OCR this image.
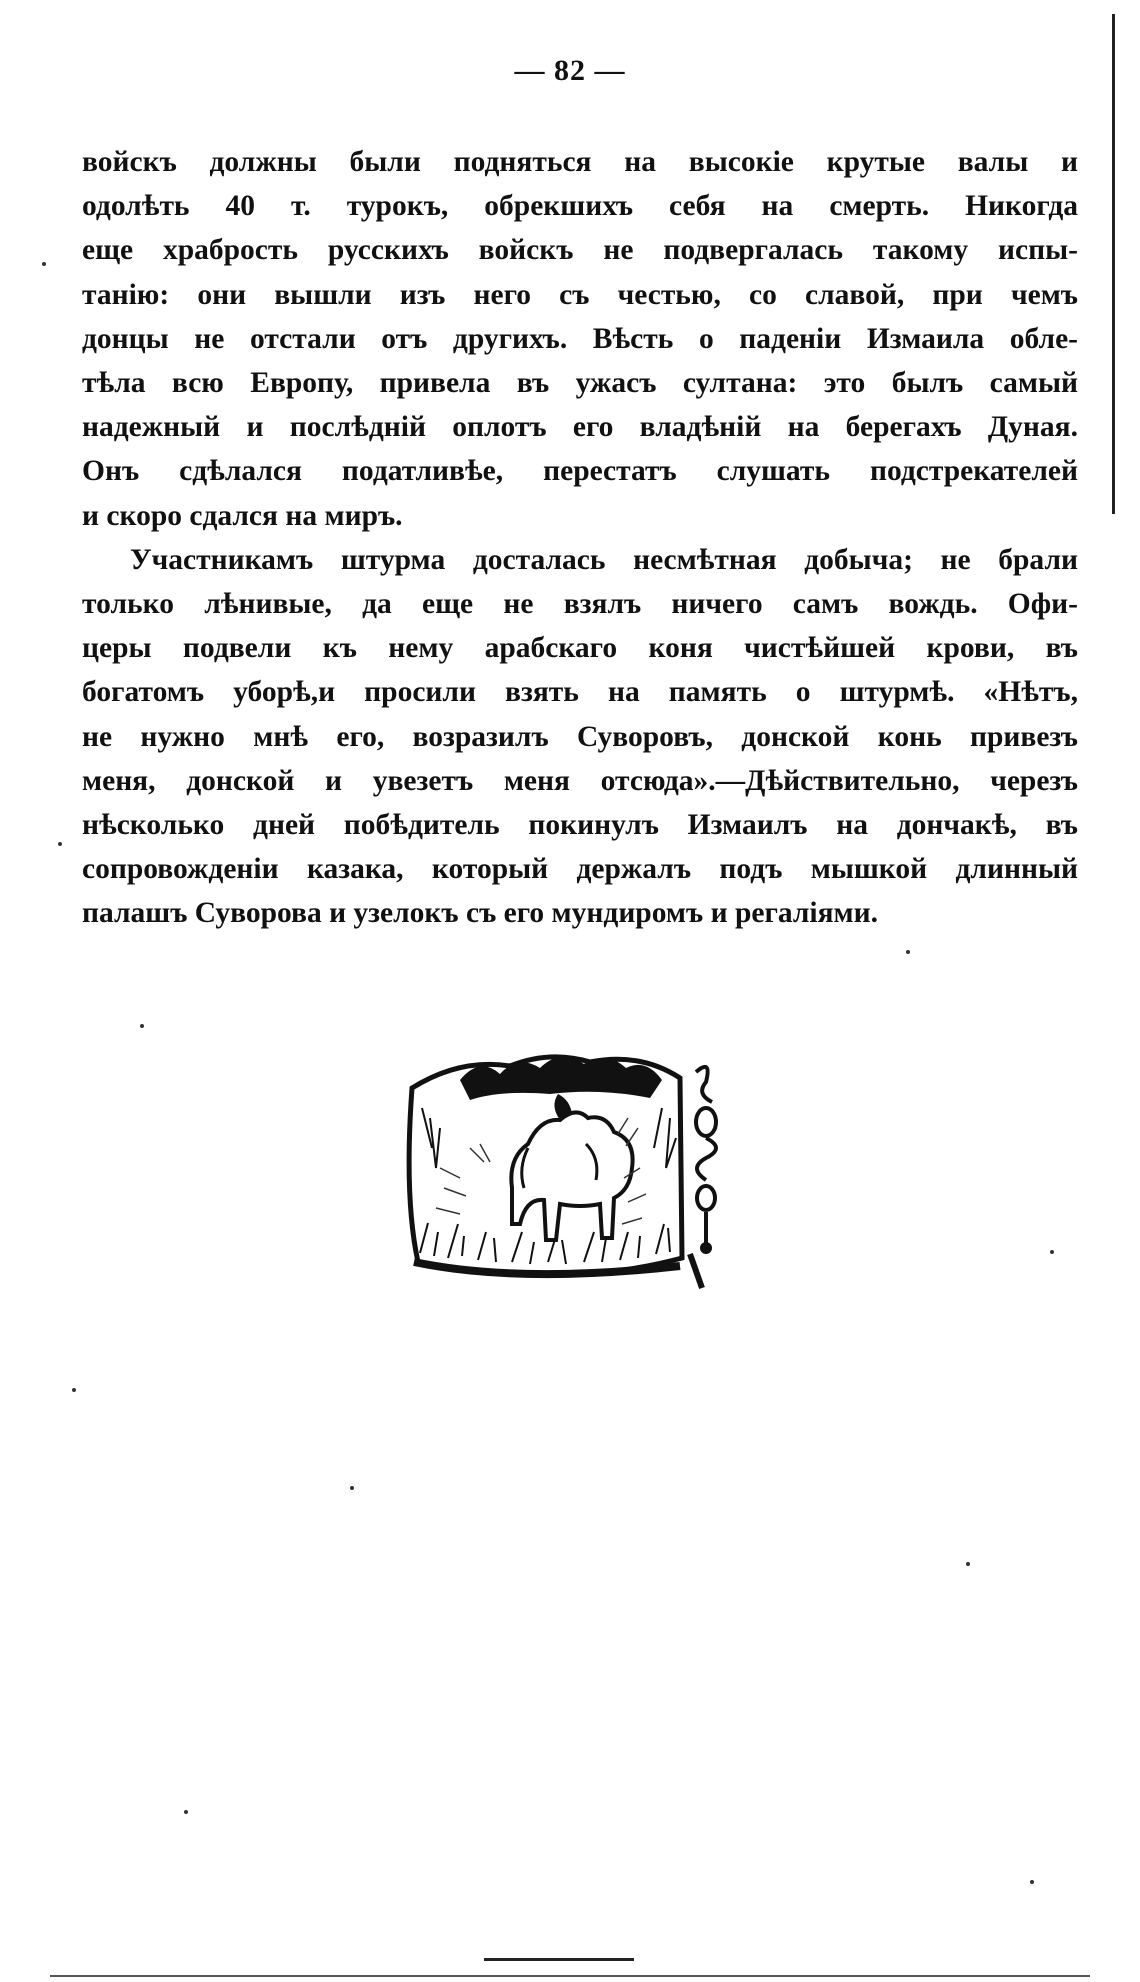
— 82 —

войскъ должны были подняться на высокіе крутые валы и
одолѣть 40 т. турокъ, обрекшихъ себя на смерть. Никогда
еще храбрость русскихъ войскъ не подвергалась такому испы-
танію: они вышли изъ него съ честью, со славой, при чемъ
донцы не отстали отъ другихъ. Вѣсть о паденіи Измаила обле-
тѣла всю Европу, привела въ ужасъ султана: это былъ самый
надежный и послѣдній оплотъ его владѣній на берегахъ Дуная.
Онъ сдѣлался податливѣе, перестатъ слушать подстрекателей
и скоро сдался на миръ.

Участникамъ штурма досталась несмѣтная добыча; не брали
только лѣнивые, да еще не взялъ ничего самъ вождь. Офи-
церы подвели къ нему арабскаго коня чистѣйшей крови, въ
богатомъ уборѣ,и просили взять на память о штурмѣ. «Нѣтъ,
не нужно мнѣ его, возразилъ Суворовъ, донской конь привезъ
меня, донской и увезетъ меня отсюда».—Дѣйствительно, черезъ
нѣсколько дней побѣдитель покинулъ Измаилъ на дончакѣ, въ
сопровожденіи казака, который держалъ подъ мышкой длинный
палашъ Суворова и узелокъ съ его мундиромъ и регаліями.
